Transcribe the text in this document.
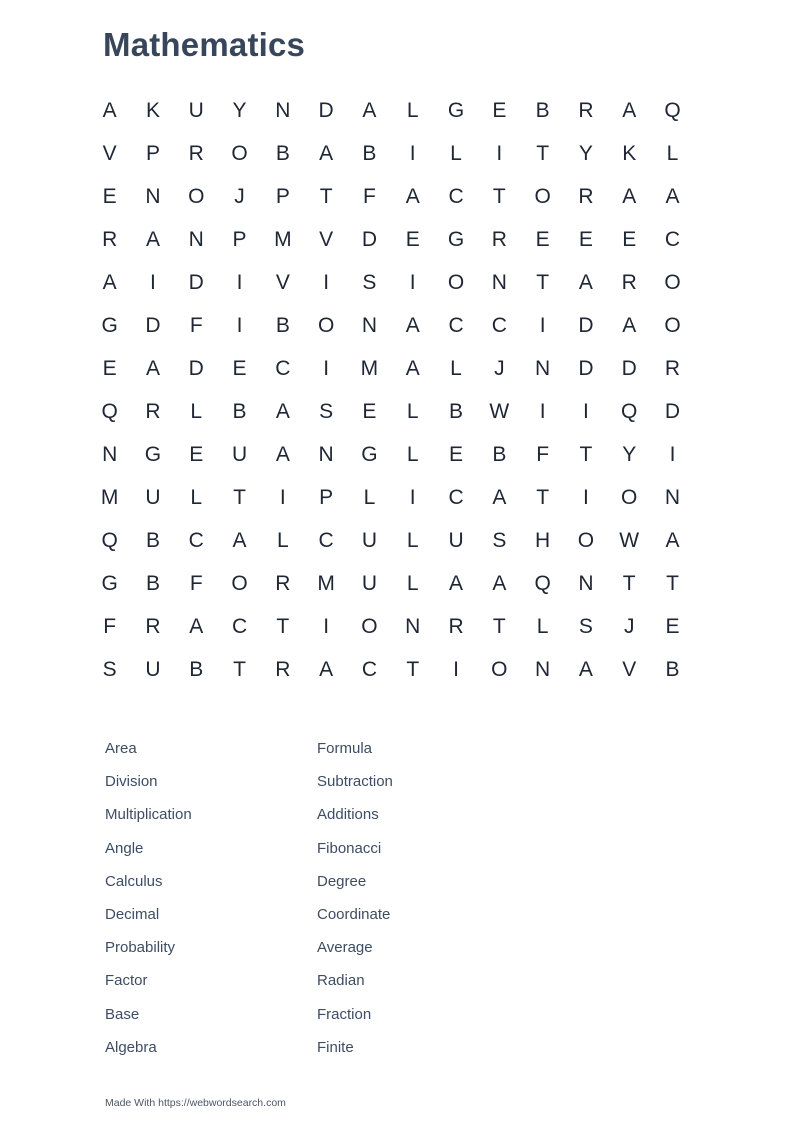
Mathematics
A	K	U	Y	N	D	A	L	G	E	B	R	A	Q
V	P	R	O	B	A	B	I	L	I	T	Y	K	L
E	N	O	J	P	T	F	A	C	T	O	R	A	A
R	A	N	P	M	V	D	E	G	R	E	E	E	C
A	I	D	I	V	I	S	I	O	N	T	A	R	O
G	D	F	I	B	O	N	A	C	C	I	D	A	O
E	A	D	E	C	I	M	A	L	J	N	D	D	R
Q	R	L	B	A	S	E	L	B	W	I	I	Q	D
N	G	E	U	A	N	G	L	E	B	F	T	Y	I
M	U	L	T	I	P	L	I	C	A	T	I	O	N
Q	B	C	A	L	C	U	L	U	S	H	O	W	A
G	B	F	O	R	M	U	L	A	A	Q	N	T	T
F	R	A	C	T	I	O	N	R	T	L	S	J	E
S	U	B	T	R	A	C	T	I	O	N	A	V	B
Area
Division
Multiplication
Angle
Calculus
Decimal
Probability
Factor
Base
Algebra
Formula
Subtraction
Additions
Fibonacci
Degree
Coordinate
Average
Radian
Fraction
Finite
Made With https://webwordsearch.com
